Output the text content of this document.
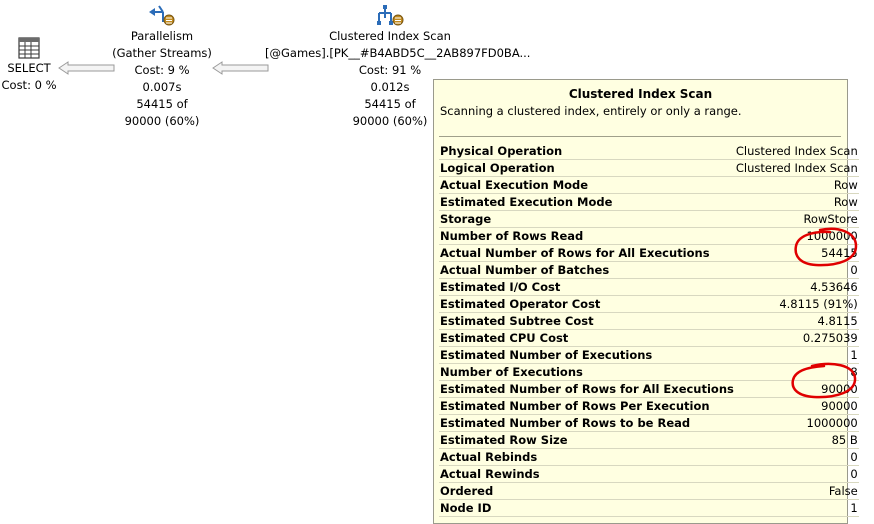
SELECT
Cost: 0 %
Parallelism
(Gather Streams)
Cost: 9 %
0.007s
54415 of
90000 (60%)
Clustered Index Scan
[@Games].[PK__#B4ABD5C__2AB897FD0BA...
Cost: 91 %
0.012s
54415 of
90000 (60%)
Clustered Index Scan
Scanning a clustered index, entirely or only a range.
Physical Operation	Clustered Index Scan
Logical Operation	Clustered Index Scan
Actual Execution Mode	Row
Estimated Execution Mode	Row
Storage	RowStore
Number of Rows Read	1000000
Actual Number of Rows for All Executions	54415
Actual Number of Batches	0
Estimated I/O Cost	4.53646
Estimated Operator Cost	4.8115 (91%)
Estimated Subtree Cost	4.8115
Estimated CPU Cost	0.275039
Estimated Number of Executions	1
Number of Executions	8
Estimated Number of Rows for All Executions	90000
Estimated Number of Rows Per Execution	90000
Estimated Number of Rows to be Read	1000000
Estimated Row Size	85 B
Actual Rebinds	0
Actual Rewinds	0
Ordered	False
Node ID	1
